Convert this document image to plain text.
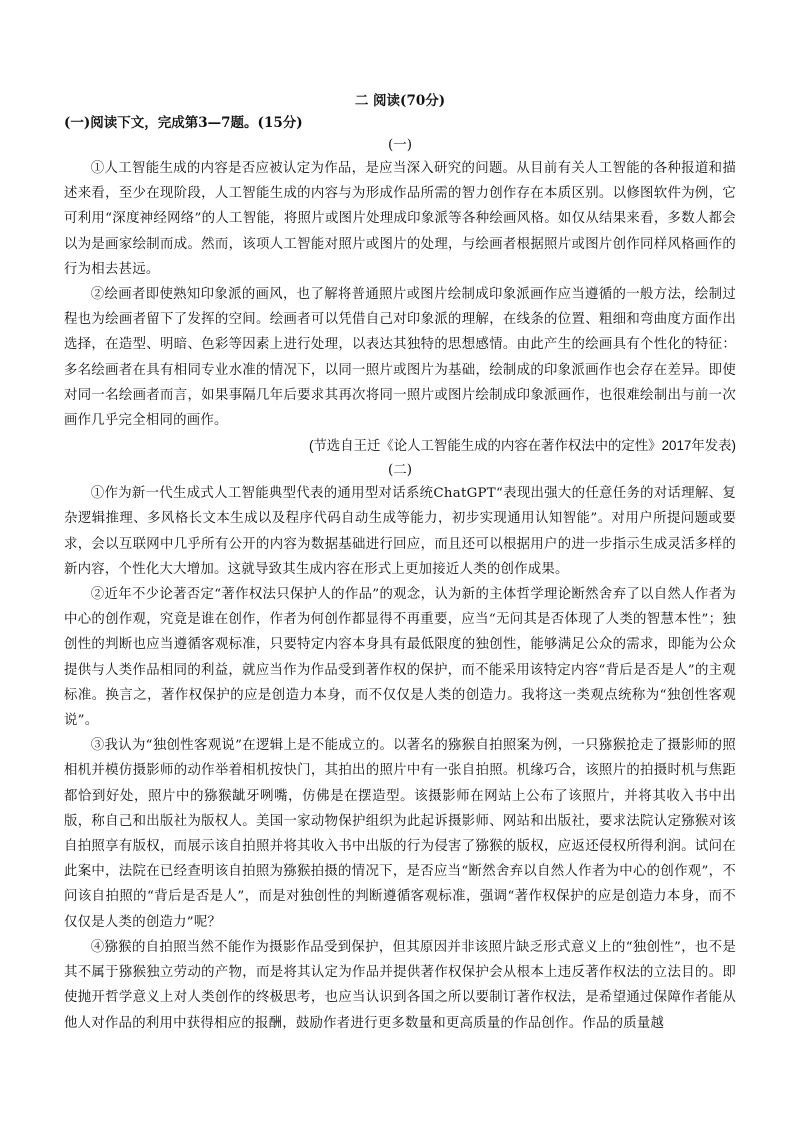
二 阅读(70分)
(一)阅读下文，完成第3—7题。(15分)
(一)

①人工智能生成的内容是否应被认定为作品，是应当深入研究的问题。从目前有关人工智能的各种报道和描述来看，至少在现阶段，人工智能生成的内容与为形成作品所需的智力创作存在本质区别。以修图软件为例，它可利用“深度神经网络”的人工智能，将照片或图片处理成印象派等各种绘画风格。如仅从结果来看，多数人都会以为是画家绘制而成。然而，该项人工智能对照片或图片的处理，与绘画者根据照片或图片创作同样风格画作的行为相去甚远。

②绘画者即使熟知印象派的画风，也了解将普通照片或图片绘制成印象派画作应当遵循的一般方法，绘制过程也为绘画者留下了发挥的空间。绘画者可以凭借自己对印象派的理解，在线条的位置、粗细和弯曲度方面作出选择，在造型、明暗、色彩等因素上进行处理，以表达其独特的思想感情。由此产生的绘画具有个性化的特征：多名绘画者在具有相同专业水准的情况下，以同一照片或图片为基础，绘制成的印象派画作也会存在差异。即使对同一名绘画者而言，如果事隔几年后要求其再次将同一照片或图片绘制成印象派画作，也很难绘制出与前一次画作几乎完全相同的画作。

(节选自王迁《论人工智能生成的内容在著作权法中的定性》2017年发表)
(二)

①作为新一代生成式人工智能典型代表的通用型对话系统ChatGPT“表现出强大的任意任务的对话理解、复杂逻辑推理、多风格长文本生成以及程序代码自动生成等能力，初步实现通用认知智能”。对用户所提问题或要求，会以互联网中几乎所有公开的内容为数据基础进行回应，而且还可以根据用户的进一步指示生成灵活多样的新内容，个性化大大增加。这就导致其生成内容在形式上更加接近人类的创作成果。

②近年不少论著否定“著作权法只保护人的作品”的观念，认为新的主体哲学理论断然舍弃了以自然人作者为中心的创作观，究竟是谁在创作，作者为何创作都显得不再重要，应当“无问其是否体现了人类的智慧本性”；独创性的判断也应当遵循客观标准，只要特定内容本身具有最低限度的独创性，能够满足公众的需求，即能为公众提供与人类作品相同的利益，就应当作为作品受到著作权的保护，而不能采用该特定内容“背后是否是人”的主观标准。换言之，著作权保护的应是创造力本身，而不仅仅是人类的创造力。我将这一类观点统称为“独创性客观说”。

③我认为“独创性客观说”在逻辑上是不能成立的。以著名的猕猴自拍照案为例，一只猕猴抢走了摄影师的照相机并模仿摄影师的动作举着相机按快门，其拍出的照片中有一张自拍照。机缘巧合，该照片的拍摄时机与焦距都恰到好处，照片中的猕猴龇牙咧嘴，仿佛是在摆造型。该摄影师在网站上公布了该照片，并将其收入书中出版，称自己和出版社为版权人。美国一家动物保护组织为此起诉摄影师、网站和出版社，要求法院认定猕猴对该自拍照享有版权，而展示该自拍照并将其收入书中出版的行为侵害了猕猴的版权，应返还侵权所得利润。试问在此案中，法院在已经查明该自拍照为猕猴拍摄的情况下，是否应当“断然舍弃以自然人作者为中心的创作观”，不问该自拍照的“背后是否是人”，而是对独创性的判断遵循客观标准，强调“著作权保护的应是创造力本身，而不仅仅是人类的创造力”呢？

④猕猴的自拍照当然不能作为摄影作品受到保护，但其原因并非该照片缺乏形式意义上的“独创性”，也不是其不属于猕猴独立劳动的产物，而是将其认定为作品并提供著作权保护会从根本上违反著作权法的立法目的。即使抛开哲学意义上对人类创作的终极思考，也应当认识到各国之所以要制订著作权法，是希望通过保障作者能从他人对作品的利用中获得相应的报酬，鼓励作者进行更多数量和更高质量的作品创作。作品的质量越
